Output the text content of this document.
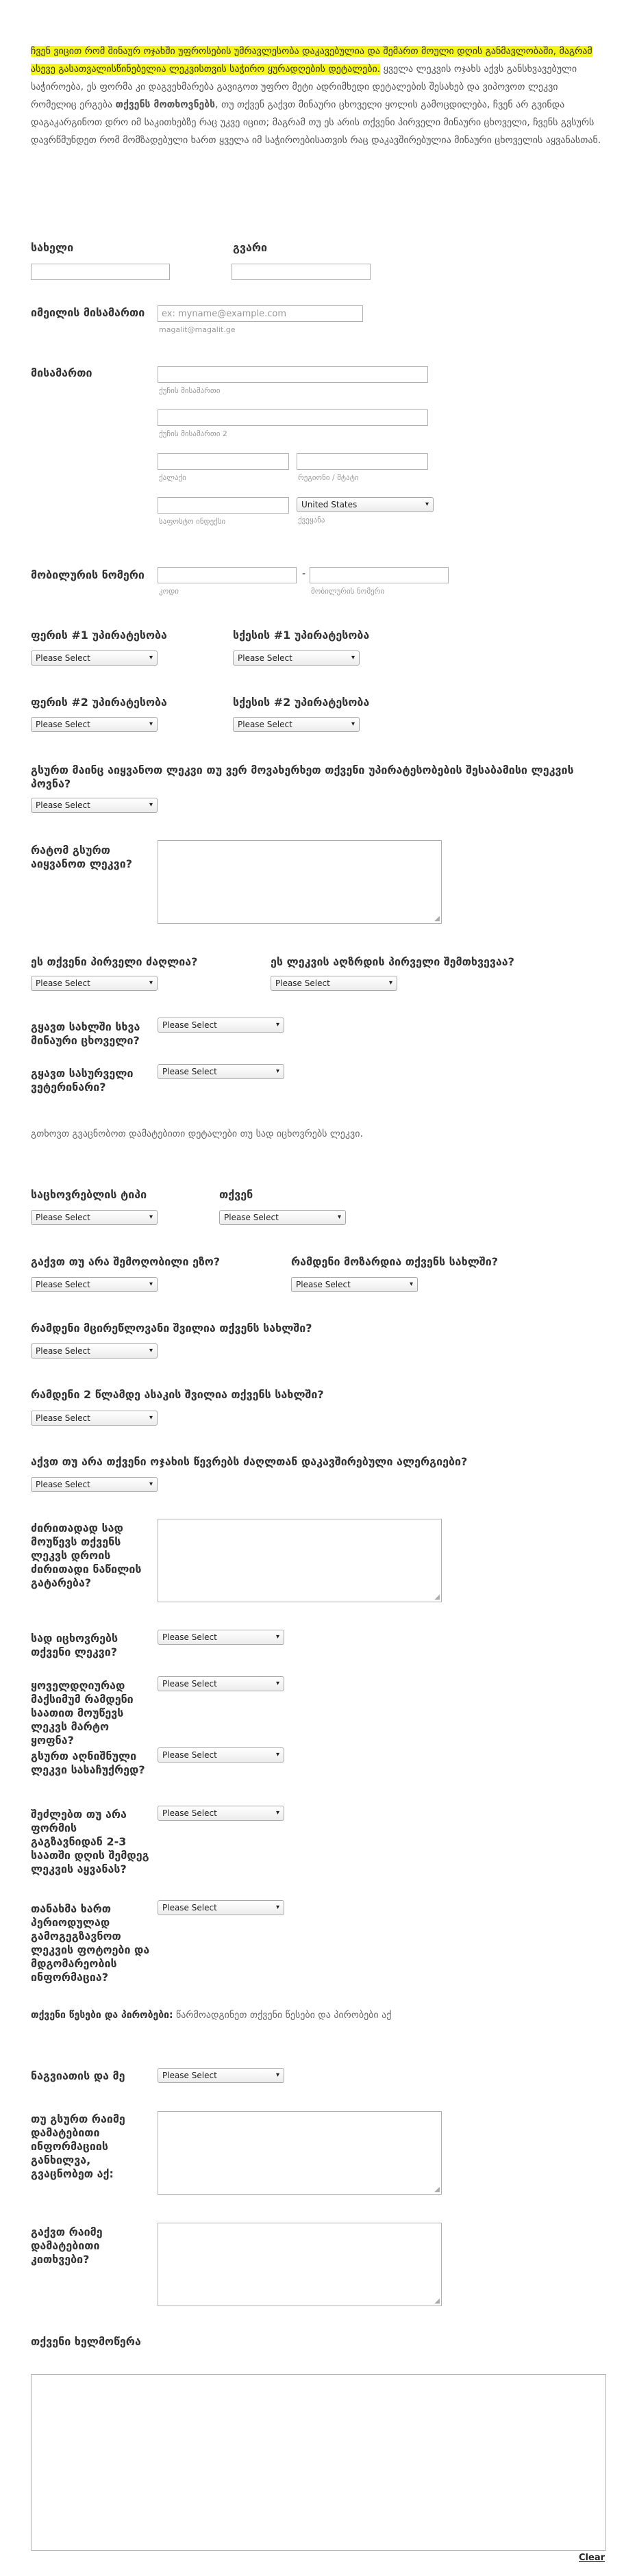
ჩვენ ვიცით რომ შინაურ ოჯახში უფროსების უმრავლესობა დაკავებულია და შემართ მოული დღის განმავლობაში, მაგრამ ასევე გასათვალისწინებელია ლეკვისთვის საჭირო ყურადღების დეტალები. ყველა ლეკვის ოჯახს აქვს განსხვავებული საჭიროება, ეს ფორმა კი დაგვეხმარება გავიგოთ უფრო მეტი ადრიმხედი დეტალების შესახებ და ვიპოვოთ ლეკვი რომელიც ერგება თქვენს მოთხოვნებს, თუ თქვენ გაქვთ მინაური ცხოველი ყოლის გამოცდილება, ჩვენ არ გვინდა დაგაკარგინოთ დრო იმ საკითხებზე რაც უკვე იცით; მაგრამ თუ ეს არის თქვენი პირველი მინაური ცხოველი, ჩვენს გვსურს დავრწმუნდეთ რომ მომზადებული ხართ ყველა იმ საჭიროებისათვის რაც დაკავშირებულია მინაური ცხოველის აყვანასთან.
სახელი	გვარი
იმეილის მისამართი
ex: myname@example.com
magalit@magalit.ge
მისამართი
ქუჩის მისამართი
ქუჩის მისამართი 2
ქალაქი	რეგიონი / შტატი
United States	▾
საფოსტო ინდექსი	ქვეყანა
მობილურის ნომერი	-
კოდი	მობილურის ნომერი
ფერის #1 უპირატესობა	სქესის #1 უპირატესობა
Please Select	▾	Please Select	▾
ფერის #2 უპირატესობა	სქესის #2 უპირატესობა
Please Select	▾	Please Select	▾
გსურთ მაინც აიყვანოთ ლეკვი თუ ვერ მოვახერხეთ თქვენი უპირატესობების შესაბამისი ლეკვის პოვნა?
Please Select	▾
რატომ გსურთ აიყვანოთ ლეკვი?
◢
ეს თქვენი პირველი ძაღლია?	ეს ლეკვის აღზრდის პირველი შემთხვევაა?
Please Select	▾	Please Select	▾
გყავთ სახლში სხვა მინაური ცხოველი?
Please Select	▾
გყავთ სასურველი ვეტერინარი?
Please Select	▾
გთხოვთ გვაცნობოთ დამატებითი დეტალები თუ სად იცხოვრებს ლეკვი.
საცხოვრებლის ტიპი	თქვენ
Please Select	▾	Please Select	▾
გაქვთ თუ არა შემოღობილი ეზო?	რამდენი მოზარდია თქვენს სახლში?
Please Select	▾	Please Select	▾
რამდენი მცირეწლოვანი შვილია თქვენს სახლში?
Please Select	▾
რამდენი 2 წლამდე ასაკის შვილია თქვენს სახლში?
Please Select	▾
აქვთ თუ არა თქვენი ოჯახის წევრებს ძაღლთან დაკავშირებული ალერგიები?
Please Select	▾
ძირითადად სად მოუწევს თქვენს ლეკვს დროის ძირითადი ნაწილის გატარება?
◢
სად იცხოვრებს თქვენი ლეკვი?
Please Select	▾
ყოველდღიურად მაქსიმუმ რამდენი საათით მოუწევს ლეკვს მარტო ყოფნა?
Please Select	▾
გსურთ აღნიშნული ლეკვი სასაჩუქრედ?
Please Select	▾
შეძლებთ თუ არა ფორმის გაგზავნიდან 2-3 საათში დღის შემდეგ ლეკვის აყვანას?
Please Select	▾
თანახმა ხართ პერიოდულად გამოგეგზავნოთ ლეკვის ფოტოები და მდგომარეობის ინფორმაცია?
Please Select	▾
თქვენი წესები და პირობები: წარმოადგინეთ თქვენი წესები და პირობები აქ
ნაგვიათის და მე	Please Select	▾
თუ გსურთ რაიმე დამატებითი ინფორმაციის განხილვა, გვაცნობეთ აქ:
◢
გაქვთ რაიმე დამატებითი კითხვები?
◢
თქვენი ხელმოწერა
Clear
